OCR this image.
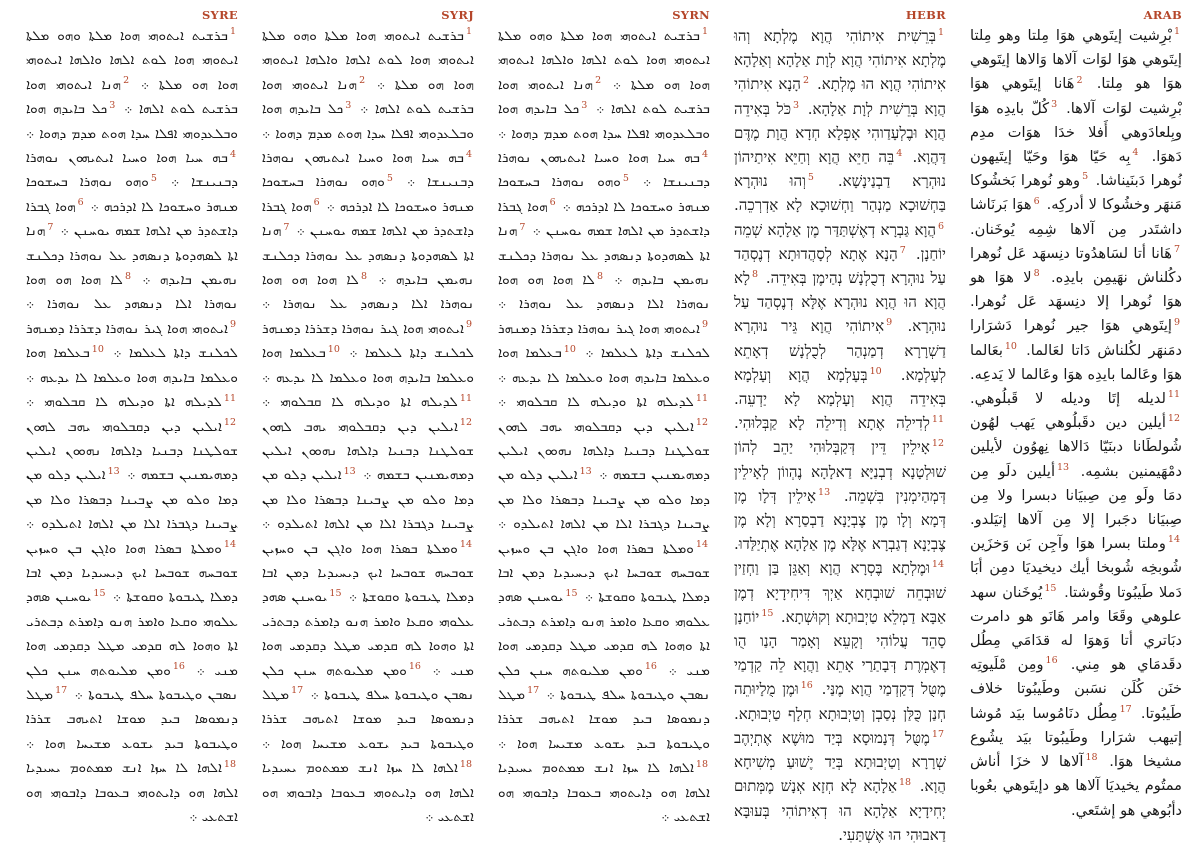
SYRE
$^1$ܒܪܫܝܬ ܐܝܬܘܗܝ ܗܘܐ ܡܠܬܐ ܘܗܘ ܡܠܬܐ ܐܝܬܘܗܝ ܗܘܐ ܠܘܬ ܐܠܗܐ ܘܐܠܗܐ ܐܝܬܘܗܝ ܗܘܐ ܗܘ ܡܠܬܐ ܀ $^2$ܗܢܐ ܐܝܬܘܗܝ ܗܘܐ ܒܪܫܝܬ ܠܘܬ ܐܠܗܐ ܀ $^3$ܟܠ ܒܐܝܕܗ ܗܘܐ ܘܒܠܥܕܘܗܝ ܐܦܠܐ ܚܕܐ ܗܘܬ ܡܕܡ ܕܗܘܐ ܀ $^4$ܒܗ ܚܝܐ ܗܘܐ ܘܚܝܐ ܐܝܬܝܗܘܢ ܢܘܗܪܐ ܕܒܢܝܢܫܐ ܀ $^5$ܘܗܘ ܢܘܗܪܐ ܒܚܫܘܟܐ ܡܢܗܪ ܘܚܫܘܟܐ ܠܐ ܐܕܪܟܗ ܀ $^6$ܗܘܐ ܓܒܪܐ ܕܐܫܬܕܪ ܡܢ ܐܠܗܐ ܫܡܗ ܝܘܚܢܢ ܀ $^7$ܗܢܐ ܐܬܐ ܠܣܗܕܘܬܐ ܕܢܣܗܕ ܥܠ ܢܘܗܪܐ ܕܟܠܢܫ ܢܗܝܡܢ ܒܐܝܕܗ ܀ $^8$ܠܐ ܗܘܐ ܗܘ ܗܘܐ ܢܘܗܪܐ ܐܠܐ ܕܢܣܗܕ ܥܠ ܢܘܗܪܐ ܀ $^9$ܐܝܬܘܗܝ ܗܘܐ ܓܝܪ ܢܘܗܪܐ ܕܫܪܪܐ ܕܡܢܗܪ ܠܟܠܢܫ ܕܐܬܐ ܠܥܠܡܐ ܀ $^{10}$ܒܥܠܡܐ ܗܘܐ ܘܥܠܡܐ ܒܐܝܕܗ ܗܘܐ ܘܥܠܡܐ ܠܐ ܝܕܥܗ ܀ $^{11}$ܠܕܝܠܗ ܐܬܐ ܘܕܝܠܗ ܠܐ ܩܒܠܘܗܝ ܀ $^{12}$ܐܝܠܝܢ ܕܝܢ ܕܩܒܠܘܗܝ ܝܗܒ ܠܗܘܢ ܫܘܠܛܢܐ ܕܒܢܝܐ ܕܐܠܗܐ ܢܗܘܘܢ ܐܝܠܝܢ ܕܡܗܝܡܢܝܢ ܒܫܡܗ ܀ $^{13}$ܐܝܠܝܢ ܕܠܘ ܡܢ ܕܡܐ ܘܠܘ ܡܢ ܨܒܝܢܐ ܕܒܣܪܐ ܘܠܐ ܡܢ ܨܒܝܢܐ ܕܓܒܪܐ ܐܠܐ ܡܢ ܐܠܗܐ ܐܬܝܠܕܘ ܀ $^{14}$ܘܡܠܬܐ ܒܣܪܐ ܗܘܐ ܘܐܓܢ ܒܢ ܘܚܙܝܢ ܫܘܒܚܗ ܫܘܒܚܐ ܐܝܟ ܕܝܚܝܕܝܐ ܕܡܢ ܐܒܐ ܕܡܠܐ ܛܝܒܘܬܐ ܘܩܘܫܬܐ ܀ $^{15}$ܝܘܚܢܢ ܣܗܕ ܥܠܘܗܝ ܘܩܥܐ ܘܐܡܪ ܗܢܘ ܕܐܡܪܬ ܕܒܬܪܝ ܐܬܐ ܘܗܘܐ ܠܗ ܩܕܡܝ ܡܛܠ ܕܩܕܡܝ ܗܘܐ ܡܢܝ ܀ $^{16}$ܘܡܢ ܡܠܝܘܬܗ ܚܢܢ ܟܠܢ ܢܣܒܢ ܘܛܝܒܘܬܐ ܚܠܦ ܛܝܒܘܬܐ ܀ $^{17}$ܡܛܠ ܕܢܡܘܣܐ ܒܝܕ ܡܘܫܐ ܐܬܝܗܒ ܫܪܪܐ ܘܛܝܒܘܬܐ ܒܝܕ ܝܫܘܥ ܡܫܝܚܐ ܗܘܐ ܀ $^{18}$ܐܠܗܐ ܠܐ ܚܙܐ ܐܢܫ ܡܡܬܘܡ ܝܚܝܕܝܐ ܐܠܗܐ ܗܘ ܕܐܝܬܘܗܝ ܒܥܘܒܐ ܕܐܒܘܗܝ ܗܘ ܐܫܬܥܝ ܀
SYRJ
$^1$ܒܪܫܝܬ ܐܝܬܘܗܝ ܗܘܐ ܡܠܬܐ ܘܗܘ ܡܠܬܐ ܐܝܬܘܗܝ ܗܘܐ ܠܘܬ ܐܠܗܐ ܘܐܠܗܐ ܐܝܬܘܗܝ ܗܘܐ ܗܘ ܡܠܬܐ ܀ $^2$ܗܢܐ ܐܝܬܘܗܝ ܗܘܐ ܒܪܫܝܬ ܠܘܬ ܐܠܗܐ ܀ $^3$ܟܠ ܒܐܝܕܗ ܗܘܐ ܘܒܠܥܕܘܗܝ ܐܦܠܐ ܚܕܐ ܗܘܬ ܡܕܡ ܕܗܘܐ ܀ $^4$ܒܗ ܚܝܐ ܗܘܐ ܘܚܝܐ ܐܝܬܝܗܘܢ ܢܘܗܪܐ ܕܒܢܝܢܫܐ ܀ $^5$ܘܗܘ ܢܘܗܪܐ ܒܚܫܘܟܐ ܡܢܗܪ ܘܚܫܘܟܐ ܠܐ ܐܕܪܟܗ ܀ $^6$ܗܘܐ ܓܒܪܐ ܕܐܫܬܕܪ ܡܢ ܐܠܗܐ ܫܡܗ ܝܘܚܢܢ ܀ $^7$ܗܢܐ ܐܬܐ ܠܣܗܕܘܬܐ ܕܢܣܗܕ ܥܠ ܢܘܗܪܐ ܕܟܠܢܫ ܢܗܝܡܢ ܒܐܝܕܗ ܀ $^8$ܠܐ ܗܘܐ ܗܘ ܗܘܐ ܢܘܗܪܐ ܐܠܐ ܕܢܣܗܕ ܥܠ ܢܘܗܪܐ ܀ $^9$ܐܝܬܘܗܝ ܗܘܐ ܓܝܪ ܢܘܗܪܐ ܕܫܪܪܐ ܕܡܢܗܪ ܠܟܠܢܫ ܕܐܬܐ ܠܥܠܡܐ ܀ $^{10}$ܒܥܠܡܐ ܗܘܐ ܘܥܠܡܐ ܒܐܝܕܗ ܗܘܐ ܘܥܠܡܐ ܠܐ ܝܕܥܗ ܀ $^{11}$ܠܕܝܠܗ ܐܬܐ ܘܕܝܠܗ ܠܐ ܩܒܠܘܗܝ ܀ $^{12}$ܐܝܠܝܢ ܕܝܢ ܕܩܒܠܘܗܝ ܝܗܒ ܠܗܘܢ ܫܘܠܛܢܐ ܕܒܢܝܐ ܕܐܠܗܐ ܢܗܘܘܢ ܐܝܠܝܢ ܕܡܗܝܡܢܝܢ ܒܫܡܗ ܀ $^{13}$ܐܝܠܝܢ ܕܠܘ ܡܢ ܕܡܐ ܘܠܘ ܡܢ ܨܒܝܢܐ ܕܒܣܪܐ ܘܠܐ ܡܢ ܨܒܝܢܐ ܕܓܒܪܐ ܐܠܐ ܡܢ ܐܠܗܐ ܐܬܝܠܕܘ ܀ $^{14}$ܘܡܠܬܐ ܒܣܪܐ ܗܘܐ ܘܐܓܢ ܒܢ ܘܚܙܝܢ ܫܘܒܚܗ ܫܘܒܚܐ ܐܝܟ ܕܝܚܝܕܝܐ ܕܡܢ ܐܒܐ ܕܡܠܐ ܛܝܒܘܬܐ ܘܩܘܫܬܐ ܀ $^{15}$ܝܘܚܢܢ ܣܗܕ ܥܠܘܗܝ ܘܩܥܐ ܘܐܡܪ ܗܢܘ ܕܐܡܪܬ ܕܒܬܪܝ ܐܬܐ ܘܗܘܐ ܠܗ ܩܕܡܝ ܡܛܠ ܕܩܕܡܝ ܗܘܐ ܡܢܝ ܀ $^{16}$ܘܡܢ ܡܠܝܘܬܗ ܚܢܢ ܟܠܢ ܢܣܒܢ ܘܛܝܒܘܬܐ ܚܠܦ ܛܝܒܘܬܐ ܀ $^{17}$ܡܛܠ ܕܢܡܘܣܐ ܒܝܕ ܡܘܫܐ ܐܬܝܗܒ ܫܪܪܐ ܘܛܝܒܘܬܐ ܒܝܕ ܝܫܘܥ ܡܫܝܚܐ ܗܘܐ ܀ $^{18}$ܐܠܗܐ ܠܐ ܚܙܐ ܐܢܫ ܡܡܬܘܡ ܝܚܝܕܝܐ ܐܠܗܐ ܗܘ ܕܐܝܬܘܗܝ ܒܥܘܒܐ ܕܐܒܘܗܝ ܗܘ ܐܫܬܥܝ ܀
SYRN
$^1$ܒܪܫܝܬ ܐܝܬܘܗܝ ܗܘܐ ܡܠܬܐ ܘܗܘ ܡܠܬܐ ܐܝܬܘܗܝ ܗܘܐ ܠܘܬ ܐܠܗܐ ܘܐܠܗܐ ܐܝܬܘܗܝ ܗܘܐ ܗܘ ܡܠܬܐ ܀ $^2$ܗܢܐ ܐܝܬܘܗܝ ܗܘܐ ܒܪܫܝܬ ܠܘܬ ܐܠܗܐ ܀ $^3$ܟܠ ܒܐܝܕܗ ܗܘܐ ܘܒܠܥܕܘܗܝ ܐܦܠܐ ܚܕܐ ܗܘܬ ܡܕܡ ܕܗܘܐ ܀ $^4$ܒܗ ܚܝܐ ܗܘܐ ܘܚܝܐ ܐܝܬܝܗܘܢ ܢܘܗܪܐ ܕܒܢܝܢܫܐ ܀ $^5$ܘܗܘ ܢܘܗܪܐ ܒܚܫܘܟܐ ܡܢܗܪ ܘܚܫܘܟܐ ܠܐ ܐܕܪܟܗ ܀ $^6$ܗܘܐ ܓܒܪܐ ܕܐܫܬܕܪ ܡܢ ܐܠܗܐ ܫܡܗ ܝܘܚܢܢ ܀ $^7$ܗܢܐ ܐܬܐ ܠܣܗܕܘܬܐ ܕܢܣܗܕ ܥܠ ܢܘܗܪܐ ܕܟܠܢܫ ܢܗܝܡܢ ܒܐܝܕܗ ܀ $^8$ܠܐ ܗܘܐ ܗܘ ܗܘܐ ܢܘܗܪܐ ܐܠܐ ܕܢܣܗܕ ܥܠ ܢܘܗܪܐ ܀ $^9$ܐܝܬܘܗܝ ܗܘܐ ܓܝܪ ܢܘܗܪܐ ܕܫܪܪܐ ܕܡܢܗܪ ܠܟܠܢܫ ܕܐܬܐ ܠܥܠܡܐ ܀ $^{10}$ܒܥܠܡܐ ܗܘܐ ܘܥܠܡܐ ܒܐܝܕܗ ܗܘܐ ܘܥܠܡܐ ܠܐ ܝܕܥܗ ܀ $^{11}$ܠܕܝܠܗ ܐܬܐ ܘܕܝܠܗ ܠܐ ܩܒܠܘܗܝ ܀ $^{12}$ܐܝܠܝܢ ܕܝܢ ܕܩܒܠܘܗܝ ܝܗܒ ܠܗܘܢ ܫܘܠܛܢܐ ܕܒܢܝܐ ܕܐܠܗܐ ܢܗܘܘܢ ܐܝܠܝܢ ܕܡܗܝܡܢܝܢ ܒܫܡܗ ܀ $^{13}$ܐܝܠܝܢ ܕܠܘ ܡܢ ܕܡܐ ܘܠܘ ܡܢ ܨܒܝܢܐ ܕܒܣܪܐ ܘܠܐ ܡܢ ܨܒܝܢܐ ܕܓܒܪܐ ܐܠܐ ܡܢ ܐܠܗܐ ܐܬܝܠܕܘ ܀ $^{14}$ܘܡܠܬܐ ܒܣܪܐ ܗܘܐ ܘܐܓܢ ܒܢ ܘܚܙܝܢ ܫܘܒܚܗ ܫܘܒܚܐ ܐܝܟ ܕܝܚܝܕܝܐ ܕܡܢ ܐܒܐ ܕܡܠܐ ܛܝܒܘܬܐ ܘܩܘܫܬܐ ܀ $^{15}$ܝܘܚܢܢ ܣܗܕ ܥܠܘܗܝ ܘܩܥܐ ܘܐܡܪ ܗܢܘ ܕܐܡܪܬ ܕܒܬܪܝ ܐܬܐ ܘܗܘܐ ܠܗ ܩܕܡܝ ܡܛܠ ܕܩܕܡܝ ܗܘܐ ܡܢܝ ܀ $^{16}$ܘܡܢ ܡܠܝܘܬܗ ܚܢܢ ܟܠܢ ܢܣܒܢ ܘܛܝܒܘܬܐ ܚܠܦ ܛܝܒܘܬܐ ܀ $^{17}$ܡܛܠ ܕܢܡܘܣܐ ܒܝܕ ܡܘܫܐ ܐܬܝܗܒ ܫܪܪܐ ܘܛܝܒܘܬܐ ܒܝܕ ܝܫܘܥ ܡܫܝܚܐ ܗܘܐ ܀ $^{18}$ܐܠܗܐ ܠܐ ܚܙܐ ܐܢܫ ܡܡܬܘܡ ܝܚܝܕܝܐ ܐܠܗܐ ܗܘ ܕܐܝܬܘܗܝ ܒܥܘܒܐ ܕܐܒܘܗܝ ܗܘ ܐܫܬܥܝ ܀
HEBR
$^1$בְּרֵשִׁית אִיתוֹהִי הֲוָא מֶלְתָא וְהוּ מֶלְתָא אִיתוֹהִי הֲוָא לְוָת אַלָהָא וְאַלָהָא אִיתוֹהִי הֲוָא הוּ מֶלְתָא. $^2$הָנָא אִיתוֹהִי הֲוָא בְּרֵשִׁית לְוָת אַלָהָא. $^3$כֹּל בְּאִידֵה הֲוָא וּבֶלְעָדַוהִי אָפְלָא חְדָא הֲוָת מֶדֶּם דַּהֲוָא. $^4$בֵּה חַיֵּא הֲוָא וְחַיֵּא אִיתַיהוֹן נוּהְרָא דַבְנַינָשָׁא. $^5$וְהוּ נוּהְרָא בַּחְשׁוּכָא מַנְהַר וַחְשׁוּכָא לָא אַדְרְכֵה. $^6$הֲוָא גַּבְרָא דְאֶשְׁתַּדַּר מֶן אַלָהָא שְׁמֵה יוֹחַנָן. $^7$הָנָא אֶתָא לְסָהֲדוּתָא דְנֶסְהַד עַל נוּהְרָא דְכֻלְנָשׁ נְהַימֶן בְּאִידֵה. $^8$לָא הֲוָא הוּ הֲוָא נוּהְרָא אֶלָּא דְנֶסְהַד עַל נוּהְרָא. $^9$אִיתוֹהִי הֲוָא גֵּיר נוּהְרָא דַשְׁרָרָא דְמַנְהַר לְכֻלְנָשׁ דְאָתֵא לְעָלְמָא. $^{10}$בְּעָלְמָא הֲוָא וְעָלְמָא בְּאִידֵה הֲוָא וְעָלְמָא לָא יַדְעֵה. $^{11}$לְדִילֵה אֶתָא וְדִילֵה לָא קַבְּלוּהִי. $^{12}$אָילֵין דֵּין דְּקַבְּלוּהִי יַהֵב לְהוֹן שׁוּלְטָנָא דְבְנַיָּא דַאלָהָא נֶהְווֹן לְאָילֵין דְּמְהַימְנִין בִּשְׁמֵה. $^{13}$אָילֵין דְּלָו מֶן דְּמָא וְלָו מֶן צֶבְיָנָא דַבְסַרָא וְלָא מֶן צֶבְיָנָא דְגַבְרָא אֶלָּא מֶן אַלָהָא אֶתְיַלַּדוּ. $^{14}$וּמֶלְתָא בֶּסְרָא הֲוָא וְאַגֵּן בַּן וַחְזַין שׁוּבְחֵה שׁוּבְחָא אַיְךְ דִּיחִידָיָא דְמֶן אַבָּא דַמְלֵא טַיְבוּתָא וְקוּשְׁתָא. $^{15}$יוֹחַנָן סָהֵד עֲלוֹהִי וְקָעֵא וְאָמַר הָנַו הֻו דְאֶמְרֶת דְּבָתַרַי אָתֵא וַהֲוָא לֵה קַדְמַי מֶטֻּל דְּקַדְמַי הֲוָא מֶנַּי. $^{16}$וּמֶן מֻלָיוּתֵה חְנַן כֻּלַּן נְסַבְן וְטַיְבוּתָא חְלָף טַיְבוּתָא. $^{17}$מֶטֻּל דְּנָמוּסָא בְּיַד מוּשֶׁא אֶתְיְהֶב שְׁרָרָא וְטַיְבוּתָא בְּיַד יֶשׁוּעַ מְשִׁיחָא הֲוָא. $^{18}$אַלָהָא לָא חְזָא אְנָשׁ מֶמְּתוּם יְחִידָיָא אַלָהָא הוּ דְאִיתוֹהִי בְּעוּבָּא דַאבוּהִי הוּ אֶשְׁתַּעִי.
ARAB
$^1$بْرِشيت إيتَوهي هوَا مِلتا وهو مِلتا إيتَوهي هوَا لوَات آلاها وَالاها إيتَوهي هوَا هو مِلتا. $^2$هَانا إيتَوهي هوَا بْرِشيت لوَات آلاها. $^3$كُلّ بايدِه هوَا وبِلعادَوهي أَفلا خدَا هوَات مدِم دَهوَا. $^4$بِه حَيّا هوَا وحَيّا إيتَيهون نُوهرا دَبنَيناشا. $^5$وهو نُوهرا بَخشُوكا مَنهَر وخشُوكا لا أدركِه. $^6$هوَا بَرنَاشا داشتَدر مِن آلاها شِمِه يُوخَنان. $^7$هَانا أتا لسَاهدُوتا دنِسهَد عَل نُوهرا دكُلناش نهَيمِن بايدِه. $^8$لا هوَا هو هوَا نُوهرا إلا دنِسهَد عَل نُوهرا. $^9$إيتَوهي هوَا جير نُوهرا دَشرَارا دمَنهَر لكُلناش دَاتا لعَالما. $^{10}$بعَالما هوَا وعَالما بايدِه هوَا وعَالما لا يَدعِه. $^{11}$لديله إتَا وديله لا قَبلُوهي. $^{12}$أيلين دين دقَبلُوهي يَهب لهُون شُولطَانا دبنَيّا دَالاها نِهوُون لأيلين دمْهَيمنين بشمِه. $^{13}$أيلين دلَو مِن دمَا ولَو مِن صِبيَانا دبسرا ولا مِن صِبيَانا دجَبرا إلا مِن آلاها إتيَلدو. $^{14}$وملتا بسرا هوَا وآجِن بَن وَخزَين شُوبخِه شُوبخا أيك ديخيديَا دمِن أبَا دَملا طَيبُوتا وقُوشتا. $^{15}$يُوخَنان سهد علوهي وقَعَا وامر هَانَو هو دامرت دبَاتري أتا وَهوَا له قدَامَي مِطُل دقَدمَاي هو مِني. $^{16}$ومِن مْلَيوتِه خنَن كُلَن نسَبن وطَيبُوتا خلاف طَيبُوتا. $^{17}$مِطُل دنَامُوسا بيَد مُوشا إتيهب شرَارا وطَيبُوتا بيَد يشُوع مشيخا هوَا. $^{18}$آلاها لا خزَا أناش ممتُوم يخيديَا آلاها هو دإيتَوهي بعُوبا دأبُوهي هو إشتَعي.
